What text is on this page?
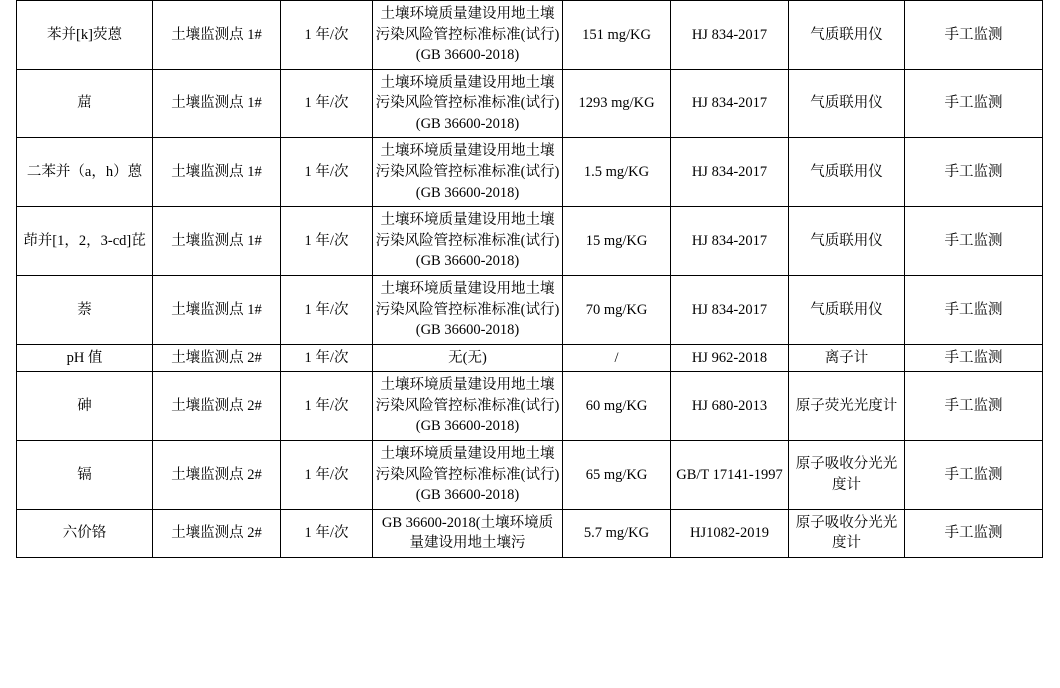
苯并[k]荧蒽	土壤监测点 1#	1 年/次	土壤环境质量建设用地土壤污染风险管控标准标准(试行)(GB 36600-2018)	151 mg/KG	HJ 834-2017	气质联用仪	手工监测
䓛	土壤监测点 1#	1 年/次	土壤环境质量建设用地土壤污染风险管控标准标准(试行)(GB 36600-2018)	1293 mg/KG	HJ 834-2017	气质联用仪	手工监测
二苯并（a，h）蒽	土壤监测点 1#	1 年/次	土壤环境质量建设用地土壤污染风险管控标准标准(试行)(GB 36600-2018)	1.5 mg/KG	HJ 834-2017	气质联用仪	手工监测
茚并[1，2，3-cd]芘	土壤监测点 1#	1 年/次	土壤环境质量建设用地土壤污染风险管控标准标准(试行)(GB 36600-2018)	15 mg/KG	HJ 834-2017	气质联用仪	手工监测
萘	土壤监测点 1#	1 年/次	土壤环境质量建设用地土壤污染风险管控标准标准(试行)(GB 36600-2018)	70 mg/KG	HJ 834-2017	气质联用仪	手工监测
pH 值	土壤监测点 2#	1 年/次	无(无)	/	HJ 962-2018	离子计	手工监测
砷	土壤监测点 2#	1 年/次	土壤环境质量建设用地土壤污染风险管控标准标准(试行)(GB 36600-2018)	60 mg/KG	HJ 680-2013	原子荧光光度计	手工监测
镉	土壤监测点 2#	1 年/次	土壤环境质量建设用地土壤污染风险管控标准标准(试行)(GB 36600-2018)	65 mg/KG	GB/T 17141-1997	原子吸收分光光度计	手工监测
六价铬	土壤监测点 2#	1 年/次	GB 36600-2018(土壤环境质量建设用地土壤污	5.7 mg/KG	HJ1082-2019	原子吸收分光光度计	手工监测
